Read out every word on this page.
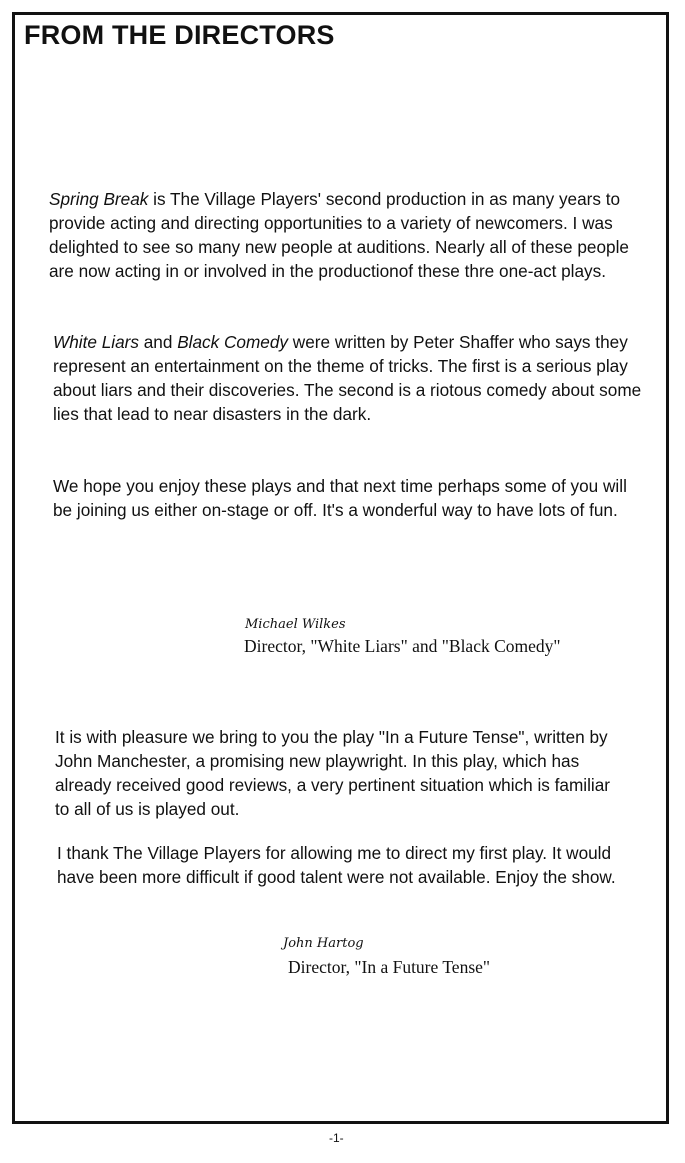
FROM THE DIRECTORS

Spring Break is The Village Players' second production in as many years to provide acting and directing opportunities to a variety of newcomers. I was delighted to see so many new people at auditions. Nearly all of these people are now acting in or involved in the productionof these thre one-act plays.

White Liars and Black Comedy were written by Peter Shaffer who says they represent an entertainment on the theme of tricks. The first is a serious play about liars and their discoveries. The second is a riotous comedy about some lies that lead to near disasters in the dark.

We hope you enjoy these plays and that next time perhaps some of you will be joining us either on-stage or off. It's a wonderful way to have lots of fun.

Michael Wilkes

Director, "White Liars" and "Black Comedy"

It is with pleasure we bring to you the play "In a Future Tense", written by John Manchester, a promising new playwright. In this play, which has already received good reviews, a very pertinent situation which is familiar to all of us is played out.

I thank The Village Players for allowing me to direct my first play. It would have been more difficult if good talent were not available. Enjoy the show.

John Hartog

Director, "In a Future Tense"

-1-
